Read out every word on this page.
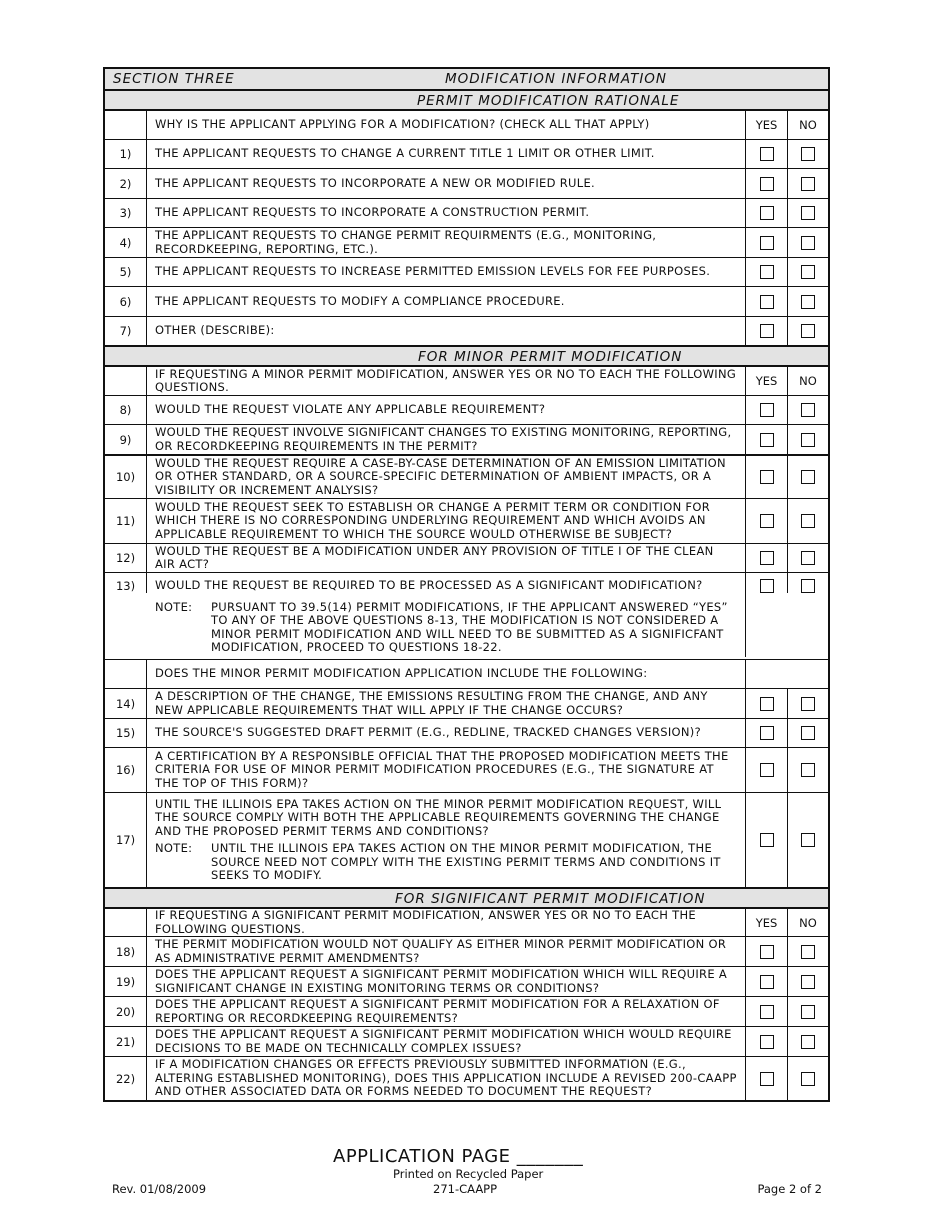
SECTION THREE	MODIFICATION INFORMATION
PERMIT MODIFICATION RATIONALE
WHY IS THE APPLICANT APPLYING FOR A MODIFICATION? (CHECK ALL THAT APPLY)	YES	NO
1)	THE APPLICANT REQUESTS TO CHANGE A CURRENT TITLE 1 LIMIT OR OTHER LIMIT.
2)	THE APPLICANT REQUESTS TO INCORPORATE A NEW OR MODIFIED RULE.
3)	THE APPLICANT REQUESTS TO INCORPORATE A CONSTRUCTION PERMIT.
4)
THE APPLICANT REQUESTS TO CHANGE PERMIT REQUIRMENTS (E.G., MONITORING, RECORDKEEPING, REPORTING, ETC.).
5)	THE APPLICANT REQUESTS TO INCREASE PERMITTED EMISSION LEVELS FOR FEE PURPOSES.
6)	THE APPLICANT REQUESTS TO MODIFY A COMPLIANCE PROCEDURE.
7)	OTHER (DESCRIBE):
FOR MINOR PERMIT MODIFICATION
IF REQUESTING A MINOR PERMIT MODIFICATION, ANSWER YES OR NO TO EACH THE FOLLOWING QUESTIONS.	YES	NO
8)	WOULD THE REQUEST VIOLATE ANY APPLICABLE REQUIREMENT?
9)
WOULD THE REQUEST INVOLVE SIGNIFICANT CHANGES TO EXISTING MONITORING, REPORTING, OR RECORDKEEPING REQUIREMENTS IN THE PERMIT?
10)
WOULD THE REQUEST REQUIRE A CASE-BY-CASE DETERMINATION OF AN EMISSION LIMITATION OR OTHER STANDARD, OR A SOURCE-SPECIFIC DETERMINATION OF AMBIENT IMPACTS, OR A VISIBILITY OR INCREMENT ANALYSIS?
11)
WOULD THE REQUEST SEEK TO ESTABLISH OR CHANGE A PERMIT TERM OR CONDITION FOR WHICH THERE IS NO CORRESPONDING UNDERLYING REQUIREMENT AND WHICH AVOIDS AN APPLICABLE REQUIREMENT TO WHICH THE SOURCE WOULD OTHERWISE BE SUBJECT?
12)
WOULD THE REQUEST BE A MODIFICATION UNDER ANY PROVISION OF TITLE I OF THE CLEAN AIR ACT?
13)	WOULD THE REQUEST BE REQUIRED TO BE PROCESSED AS A SIGNIFICANT MODIFICATION?
NOTE:	PURSUANT TO 39.5(14) PERMIT MODIFICATIONS, IF THE APPLICANT ANSWERED “YES” TO ANY OF THE ABOVE QUESTIONS 8-13, THE MODIFICATION IS NOT CONSIDERED A MINOR PERMIT MODIFICATION AND WILL NEED TO BE SUBMITTED AS A SIGNIFICFANT MODIFICATION, PROCEED TO QUESTIONS 18-22.
DOES THE MINOR PERMIT MODIFICATION APPLICATION INCLUDE THE FOLLOWING:
14)
A DESCRIPTION OF THE CHANGE, THE EMISSIONS RESULTING FROM THE CHANGE, AND ANY NEW APPLICABLE REQUIREMENTS THAT WILL APPLY IF THE CHANGE OCCURS?
15)	THE SOURCE'S SUGGESTED DRAFT PERMIT (E.G., REDLINE, TRACKED CHANGES VERSION)?
16)
A CERTIFICATION BY A RESPONSIBLE OFFICIAL THAT THE PROPOSED MODIFICATION MEETS THE CRITERIA FOR USE OF MINOR PERMIT MODIFICATION PROCEDURES (E.G., THE SIGNATURE AT THE TOP OF THIS FORM)?
17)
UNTIL THE ILLINOIS EPA TAKES ACTION ON THE MINOR PERMIT MODIFICATION REQUEST, WILL THE SOURCE COMPLY WITH BOTH THE APPLICABLE REQUIREMENTS GOVERNING THE CHANGE AND THE PROPOSED PERMIT TERMS AND CONDITIONS?
NOTE:	UNTIL THE ILLINOIS EPA TAKES ACTION ON THE MINOR PERMIT MODIFICATION, THE SOURCE NEED NOT COMPLY WITH THE EXISTING PERMIT TERMS AND CONDITIONS IT SEEKS TO MODIFY.
FOR SIGNIFICANT PERMIT MODIFICATION
IF REQUESTING A SIGNIFICANT PERMIT MODIFICATION, ANSWER YES OR NO TO EACH THE FOLLOWING QUESTIONS.	YES	NO
18)
THE PERMIT MODIFICATION WOULD NOT QUALIFY AS EITHER MINOR PERMIT MODIFICATION OR AS ADMINISTRATIVE PERMIT AMENDMENTS?
19)
DOES THE APPLICANT REQUEST A SIGNIFICANT PERMIT MODIFICATION WHICH WILL REQUIRE A SIGNIFICANT CHANGE IN EXISTING MONITORING TERMS OR CONDITIONS?
20)
DOES THE APPLICANT REQUEST A SIGNIFICANT PERMIT MODIFICATION FOR A RELAXATION OF REPORTING OR RECORDKEEPING REQUIREMENTS?
21)
DOES THE APPLICANT REQUEST A SIGNIFICANT PERMIT MODIFICATION WHICH WOULD REQUIRE DECISIONS TO BE MADE ON TECHNICALLY COMPLEX ISSUES?
22)
IF A MODIFICATION CHANGES OR EFFECTS PREVIOUSLY SUBMITTED INFORMATION (E.G., ALTERING ESTABLISHED MONITORING), DOES THIS APPLICATION INCLUDE A REVISED 200-CAAPP AND OTHER ASSOCIATED DATA OR FORMS NEEDED TO DOCUMENT THE REQUEST?
APPLICATION PAGE _______
Printed on Recycled Paper
Rev. 01/08/2009	271-CAAPP	Page 2 of 2
